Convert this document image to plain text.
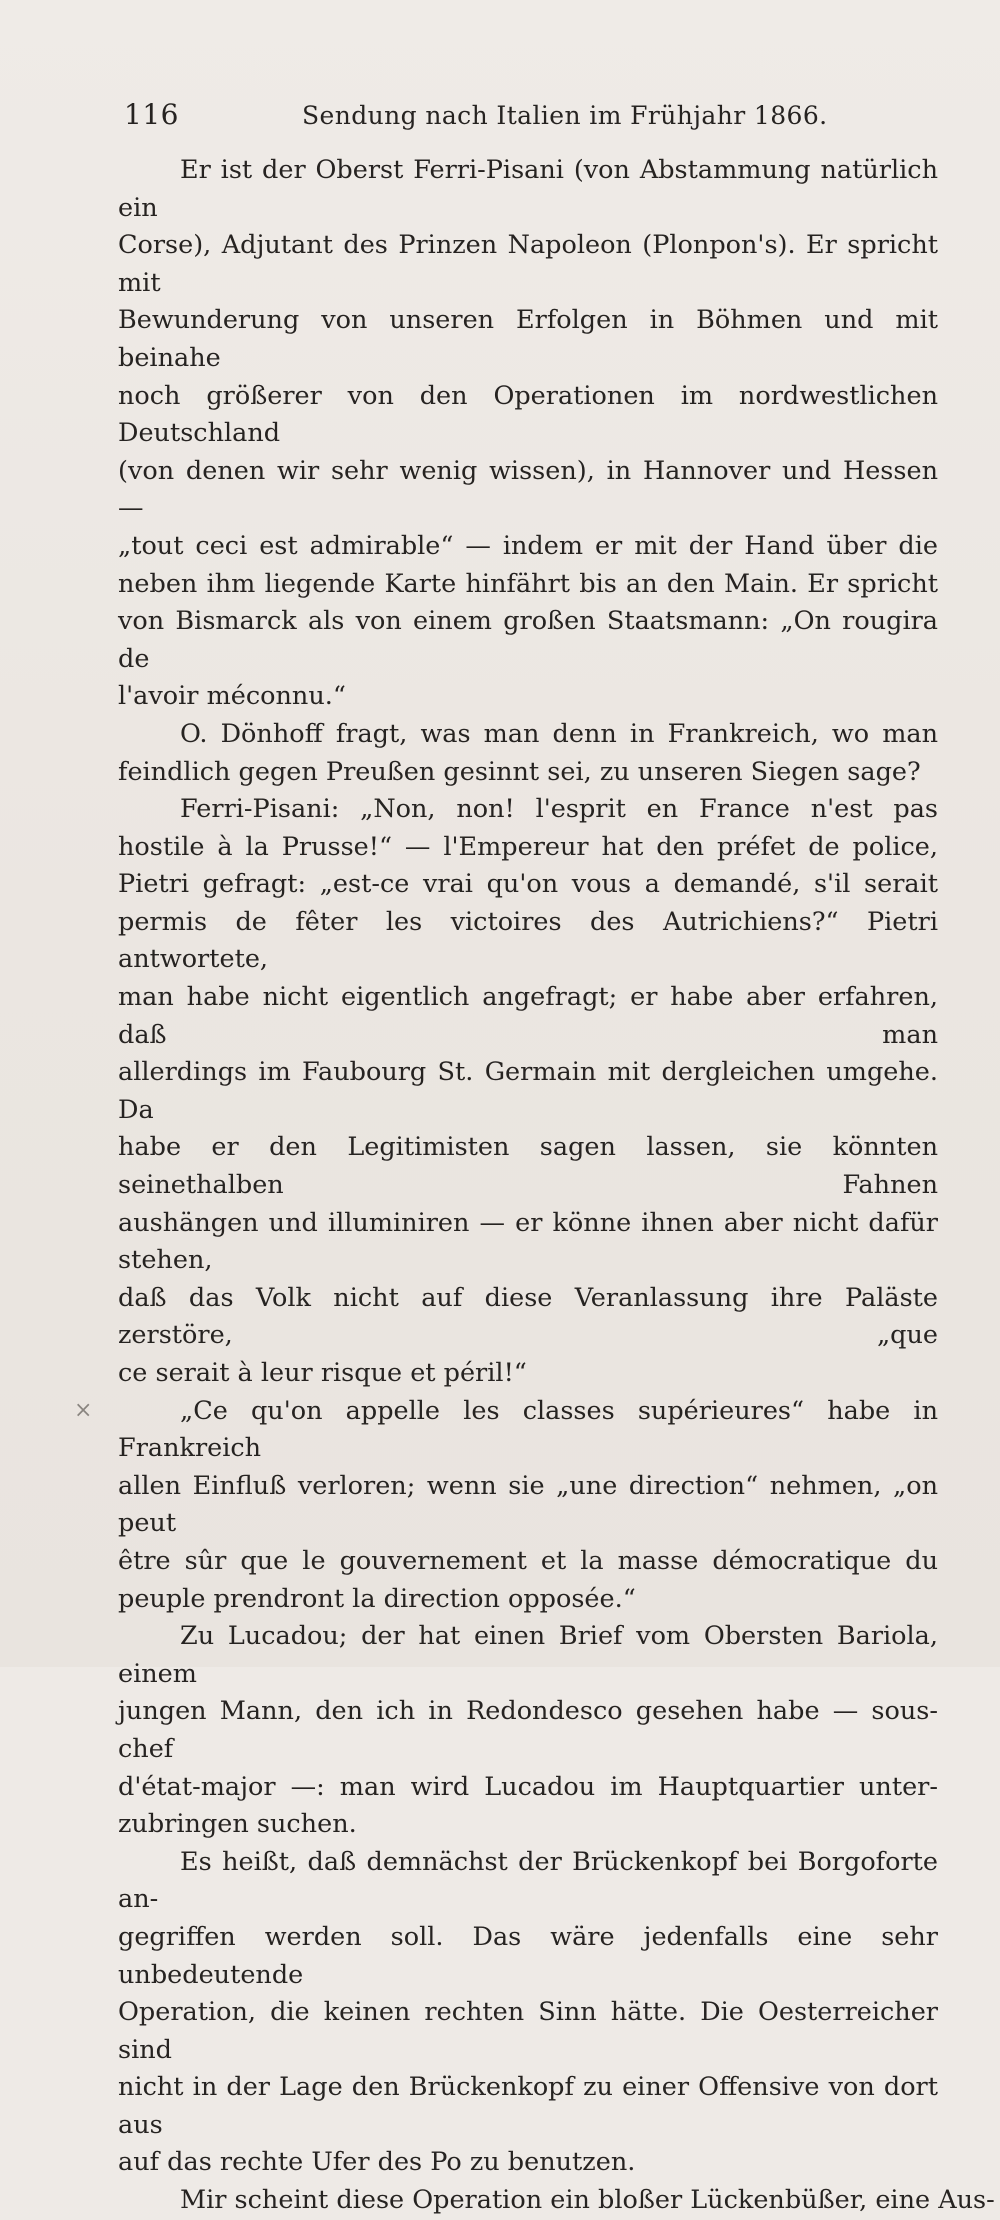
116	Sendung nach Italien im Frühjahr 1866.
Er ist der Oberst Ferri-Pisani (von Abstammung natürlich ein
Corse), Adjutant des Prinzen Napoleon (Plonpon's). Er spricht mit
Bewunderung von unseren Erfolgen in Böhmen und mit beinahe
noch größerer von den Operationen im nordwestlichen Deutschland
(von denen wir sehr wenig wissen), in Hannover und Hessen —
„tout ceci est admirable“ — indem er mit der Hand über die
neben ihm liegende Karte hinfährt bis an den Main. Er spricht
von Bismarck als von einem großen Staatsmann: „On rougira de
l'avoir méconnu.“
O. Dönhoff fragt, was man denn in Frankreich, wo man
feindlich gegen Preußen gesinnt sei, zu unseren Siegen sage?
Ferri-Pisani: „Non, non! l'esprit en France n'est pas
hostile à la Prusse!“ — l'Empereur hat den préfet de police,
Pietri gefragt: „est-ce vrai qu'on vous a demandé, s'il serait
permis de fêter les victoires des Autrichiens?“ Pietri antwortete,
man habe nicht eigentlich angefragt; er habe aber erfahren, daß man
allerdings im Faubourg St. Germain mit dergleichen umgehe. Da
habe er den Legitimisten sagen lassen, sie könnten seinethalben Fahnen
aushängen und illuminiren — er könne ihnen aber nicht dafür stehen,
daß das Volk nicht auf diese Veranlassung ihre Paläste zerstöre, „que
ce serait à leur risque et péril!“
„Ce qu'on appelle les classes supérieures“ habe in Frankreich
allen Einfluß verloren; wenn sie „une direction“ nehmen, „on peut
être sûr que le gouvernement et la masse démocratique du
peuple prendront la direction opposée.“
Zu Lucadou; der hat einen Brief vom Obersten Bariola, einem
jungen Mann, den ich in Redondesco gesehen habe — sous-chef
d'état-major —: man wird Lucadou im Hauptquartier unter-
zubringen suchen.
Es heißt, daß demnächst der Brückenkopf bei Borgoforte an-
gegriffen werden soll. Das wäre jedenfalls eine sehr unbedeutende
Operation, die keinen rechten Sinn hätte. Die Oesterreicher sind
nicht in der Lage den Brückenkopf zu einer Offensive von dort aus
auf das rechte Ufer des Po zu benutzen.
Mir scheint diese Operation ein bloßer Lückenbüßer, eine Aus-
×
